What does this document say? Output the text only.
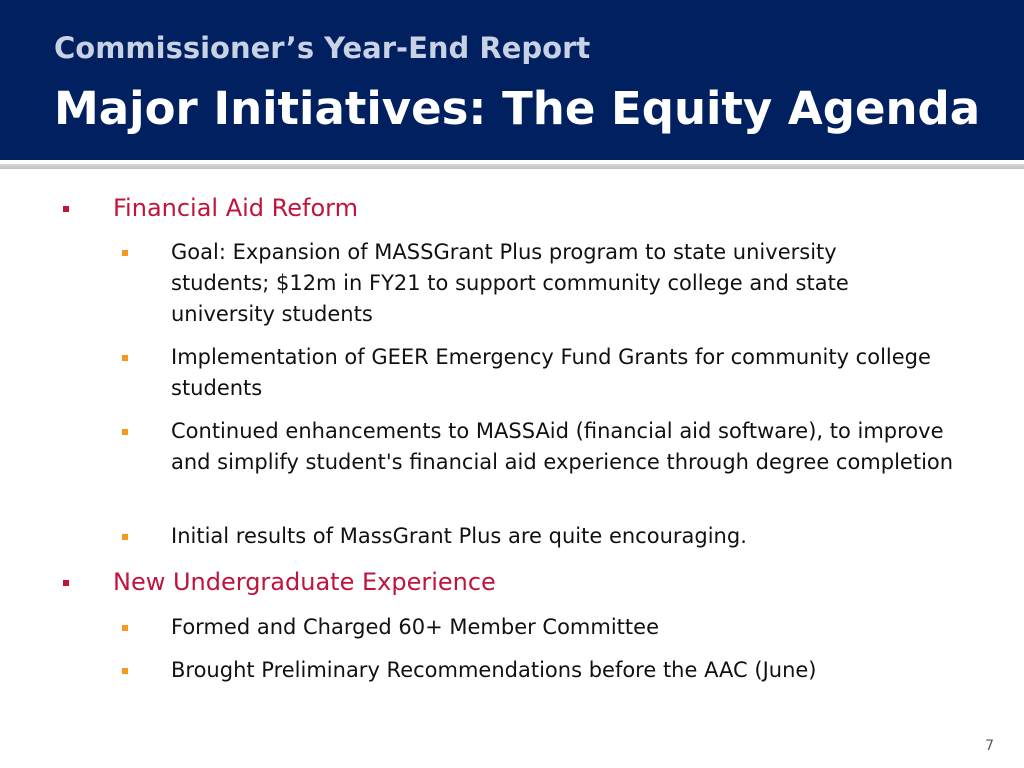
Commissioner’s Year-End Report
Major Initiatives: The Equity Agenda
Financial Aid Reform
Goal: Expansion of MASSGrant Plus program to state university students; $12m in FY21 to support community college and state university students
Implementation of GEER Emergency Fund Grants for community college students
Continued enhancements to MASSAid (financial aid software), to improve and simplify student's financial aid experience through degree completion
Initial results of MassGrant Plus are quite encouraging.
New Undergraduate Experience
Formed and Charged 60+ Member Committee
Brought Preliminary Recommendations before the AAC (June)
7
